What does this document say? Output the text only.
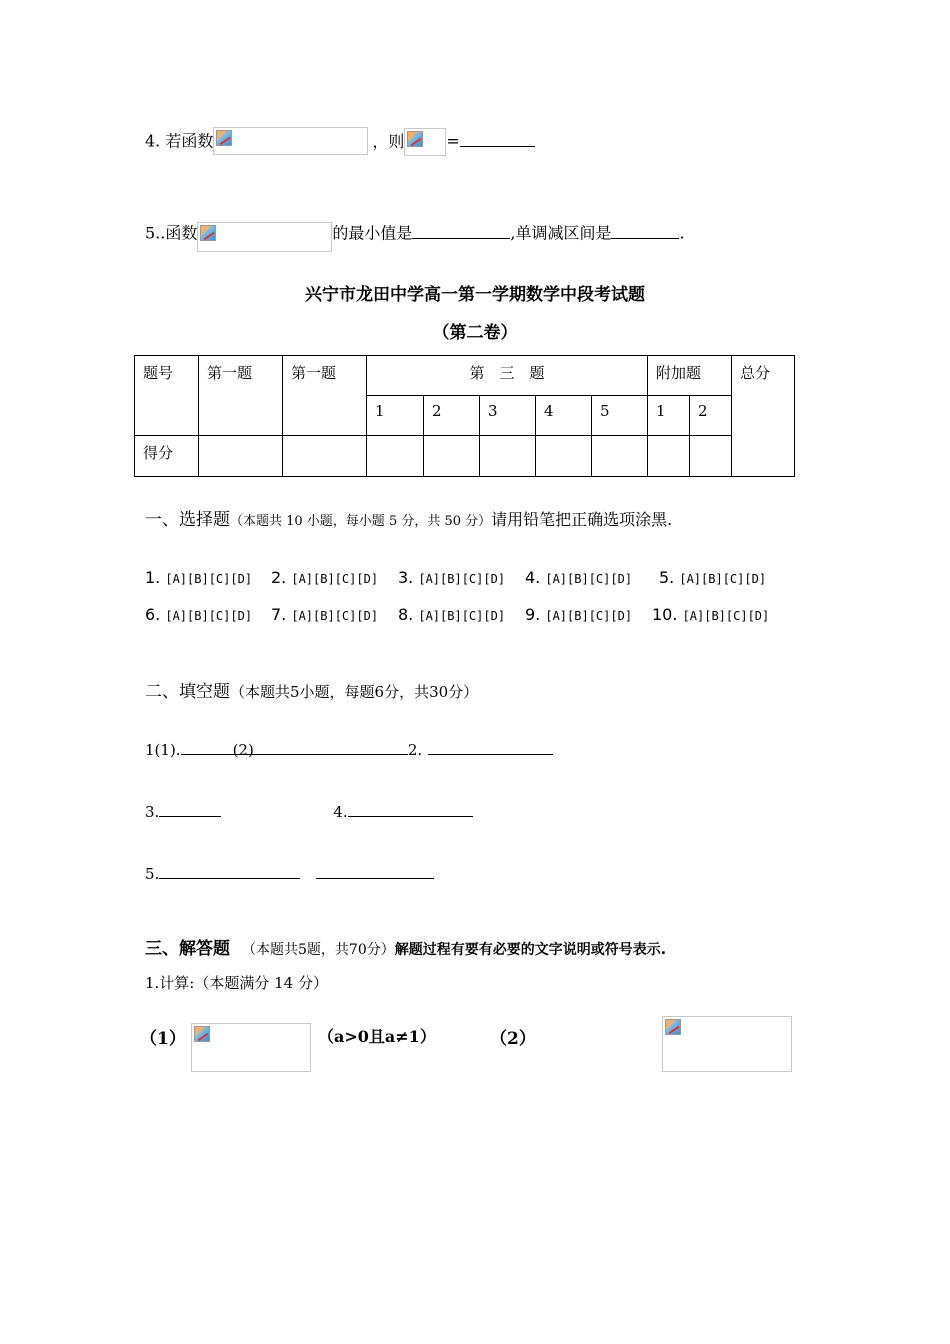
4. 若函数	，则	=
5..函数	的最小值是	,单调减区间是	.
兴宁市龙田中学高一第一学期数学中段考试题
（第二卷）
题号	第一题	第一题	第　三　题					附加题		总分
			1	2	3	4	5	1	2	
得分										
一、选择题（本题共 10 小题，每小题 5 分，共 50 分）请用铅笔把正确选项涂黑.
1. [A][B][C][D] 2. [A][B][C][D] 3. [A][B][C][D] 4. [A][B][C][D] 5. [A][B][C][D]
6. [A][B][C][D] 7. [A][B][C][D] 8. [A][B][C][D] 9. [A][B][C][D] 10. [A][B][C][D]
二、填空题（本题共5小题，每题6分，共30分）
1(1).	(2)	2.
3.	4.
5.
三、解答题 （本题共5题，共70分）解题过程有要有必要的文字说明或符号表示.
1.计算:（本题满分 14 分）
（1）
	（a>0且a≠1）	（2）
